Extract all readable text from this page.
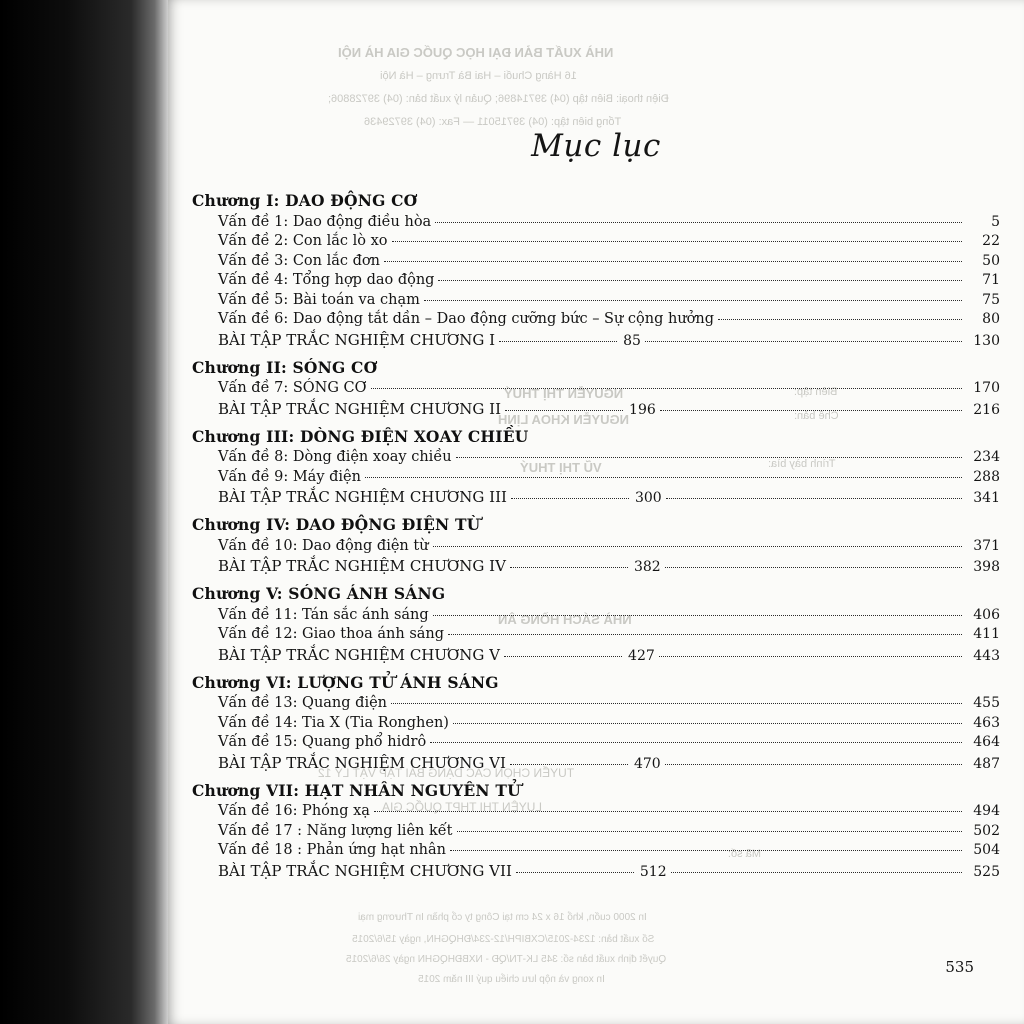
NHÀ XUẤT BẢN ĐẠI HỌC QUỐC GIA HÀ NỘI
16 Hàng Chuối – Hai Bà Trưng – Hà Nội
Điện thoại: Biên tập (04) 39714896; Quản lý xuất bản: (04) 39728806;
Tổng biên tập: (04) 39715011 — Fax: (04) 39729436
NGUYỄN THỊ THUÝ
NGUYỄN KHOA LỊNH
VŨ THỊ THUÝ
Biên tập:
Chế bản:
Trình bày bìa:
NHÀ SÁCH HỒNG ÂN
TUYỂN CHỌN CÁC DẠNG BÀI TẬP VẬT LÝ 12
LUYỆN THI THPT QUỐC GIA
Mã số:
In 2000 cuốn, khổ 16 x 24 cm tại Công ty cổ phần In Thương mại
Số xuất bản: 1234-2015/CXBIPH/12-234/ĐHQGHN, ngày 15/6/2015
Quyết định xuất bản số: 345 LK-TN/QĐ - NXBĐHQGHN ngày 26/6/2015
In xong và nộp lưu chiểu quý III năm 2015
Mục lục
Chương I: DAO ĐỘNG CƠ
Vấn đề 1: Dao động điều hòa	5
Vấn đề 2: Con lắc lò xo	22
Vấn đề 3: Con lắc đơn	50
Vấn đề 4: Tổng hợp dao động	71
Vấn đề 5: Bài toán va chạm	75
Vấn đề 6: Dao động tắt dần – Dao động cưỡng bức – Sự cộng hưởng	80
BÀI TẬP TRẮC NGHIỆM CHƯƠNG I	85	130
Chương II: SÓNG CƠ
Vấn đề 7: SÓNG CƠ	170
BÀI TẬP TRẮC NGHIỆM CHƯƠNG II	196	216
Chương III: DÒNG ĐIỆN XOAY CHIỀU
Vấn đề 8: Dòng điện xoay chiều	234
Vấn đề 9: Máy điện	288
BÀI TẬP TRẮC NGHIỆM CHƯƠNG III	300	341
Chương IV: DAO ĐỘNG ĐIỆN TỪ
Vấn đề 10: Dao động điện từ	371
BÀI TẬP TRẮC NGHIỆM CHƯƠNG IV	382	398
Chương V: SÓNG ÁNH SÁNG
Vấn đề 11: Tán sắc ánh sáng	406
Vấn đề 12: Giao thoa ánh sáng	411
BÀI TẬP TRẮC NGHIỆM CHƯƠNG V	427	443
Chương VI: LƯỢNG TỬ ÁNH SÁNG
Vấn đề 13: Quang điện	455
Vấn đề 14: Tia X (Tia Ronghen)	463
Vấn đề 15: Quang phổ hidrô	464
BÀI TẬP TRẮC NGHIỆM CHƯƠNG VI	470	487
Chương VII: HẠT NHÂN NGUYÊN TỬ
Vấn đề 16: Phóng xạ	494
Vấn đề 17 : Năng lượng liên kết	502
Vấn đề 18 : Phản ứng hạt nhân	504
BÀI TẬP TRẮC NGHIỆM CHƯƠNG VII	512	525
535
